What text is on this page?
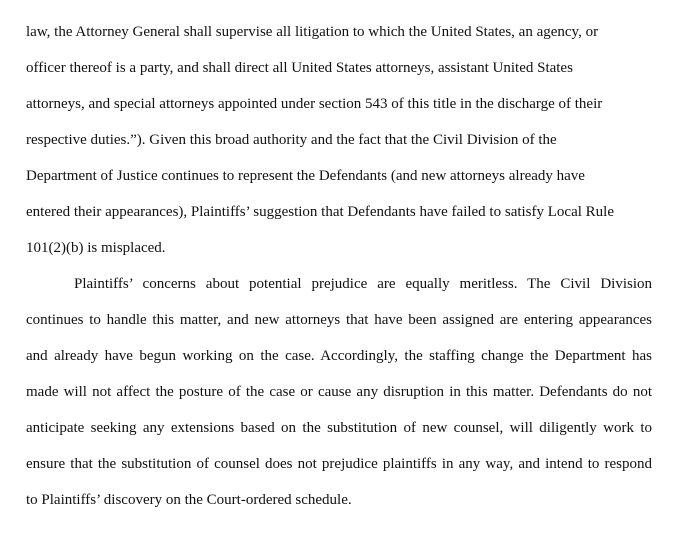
law, the Attorney General shall supervise all litigation to which the United States, an agency, or
officer thereof is a party, and shall direct all United States attorneys, assistant United States
attorneys, and special attorneys appointed under section 543 of this title in the discharge of their
respective duties.”). Given this broad authority and the fact that the Civil Division of the
Department of Justice continues to represent the Defendants (and new attorneys already have
entered their appearances), Plaintiffs’ suggestion that Defendants have failed to satisfy Local Rule
101(2)(b) is misplaced.
Plaintiffs’ concerns about potential prejudice are equally meritless. The Civil Division
continues to handle this matter, and new attorneys that have been assigned are entering appearances
and already have begun working on the case. Accordingly, the staffing change the Department has
made will not affect the posture of the case or cause any disruption in this matter. Defendants do not
anticipate seeking any extensions based on the substitution of new counsel, will diligently work to
ensure that the substitution of counsel does not prejudice plaintiffs in any way, and intend to respond
to Plaintiffs’ discovery on the Court-ordered schedule.
